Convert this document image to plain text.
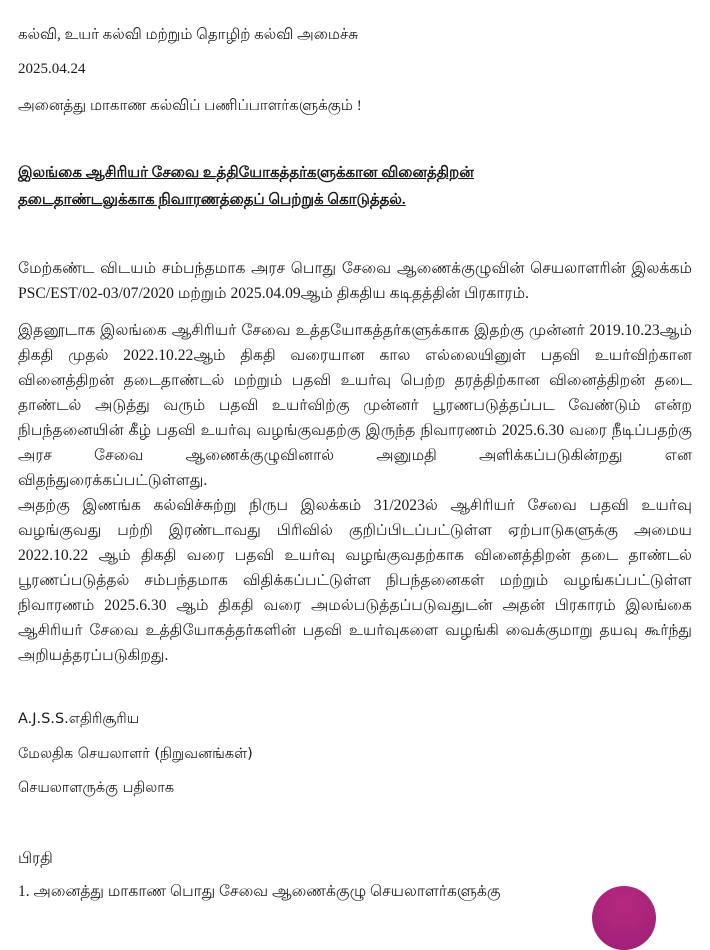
கல்வி, உயர் கல்வி மற்றும் தொழிற் கல்வி அமைச்சு
2025.04.24
அனைத்து மாகாண கல்விப் பணிப்பாளர்களுக்கும் !
இலங்கை ஆசிரியர் சேவை உத்தியோகத்தர்களுக்கான வினைத்திறன்
தடைதாண்டலுக்காக நிவாரணத்தைப் பெற்றுக் கொடுத்தல்.
மேற்கண்ட விடயம் சம்பந்தமாக அரச பொது சேவை ஆணைக்குழுவின் செயலாளரின் இலக்கம் PSC/EST/02-03/07/2020 மற்றும் 2025.04.09ஆம் திகதிய கடிதத்தின் பிரகாரம்.
இதனூடாக இலங்கை ஆசிரியர் சேவை உத்தயோகத்தர்களுக்காக இதற்கு முன்னர் 2019.10.23ஆம் திகதி முதல் 2022.10.22ஆம் திகதி வரையான கால எல்லையினுள் பதவி உயர்விற்கான வினைத்திறன் தடைதாண்டல் மற்றும் பதவி உயர்வு பெற்ற தரத்திற்கான வினைத்திறன் தடை தாண்டல் அடுத்து வரும் பதவி உயர்விற்கு முன்னர் பூரணபடுத்தப்பட வேண்டும் என்ற நிபந்தனையின் கீழ் பதவி உயர்வு வழங்குவதற்கு இருந்த நிவாரணம் 2025.6.30 வரை நீடிப்பதற்கு அரச சேவை ஆணைக்குழுவினால் அனுமதி அளிக்கப்படுகின்றது என விதந்துரைக்கப்பட்டுள்ளது.
அதற்கு இணங்க கல்விச்சுற்று நிருப இலக்கம் 31/2023ல் ஆசிரியர் சேவை பதவி உயர்வு வழங்குவது பற்றி இரண்டாவது பிரிவில் குறிப்பிடப்பட்டுள்ள ஏற்பாடுகளுக்கு அமைய 2022.10.22 ஆம் திகதி வரை பதவி உயர்வு வழங்குவதற்காக வினைத்திறன் தடை தாண்டல் பூரணப்படுத்தல் சம்பந்தமாக விதிக்கப்பட்டுள்ள நிபந்தனைகள் மற்றும் வழங்கப்பட்டுள்ள நிவாரணம் 2025.6.30 ஆம் திகதி வரை அமல்படுத்தப்படுவதுடன் அதன் பிரகாரம் இலங்கை ஆசிரியர் சேவை உத்தியோகத்தர்களின் பதவி உயர்வுகளை வழங்கி வைக்குமாறு தயவு கூர்ந்து அறியத்தரப்படுகிறது.
A.J.S.S.எதிரிசூரிய
மேலதிக செயலாளர் (நிறுவனங்கள்)
செயலாளருக்கு பதிலாக
பிரதி
1. அனைத்து மாகாண பொது சேவை ஆணைக்குழு செயலாளர்களுக்கு
